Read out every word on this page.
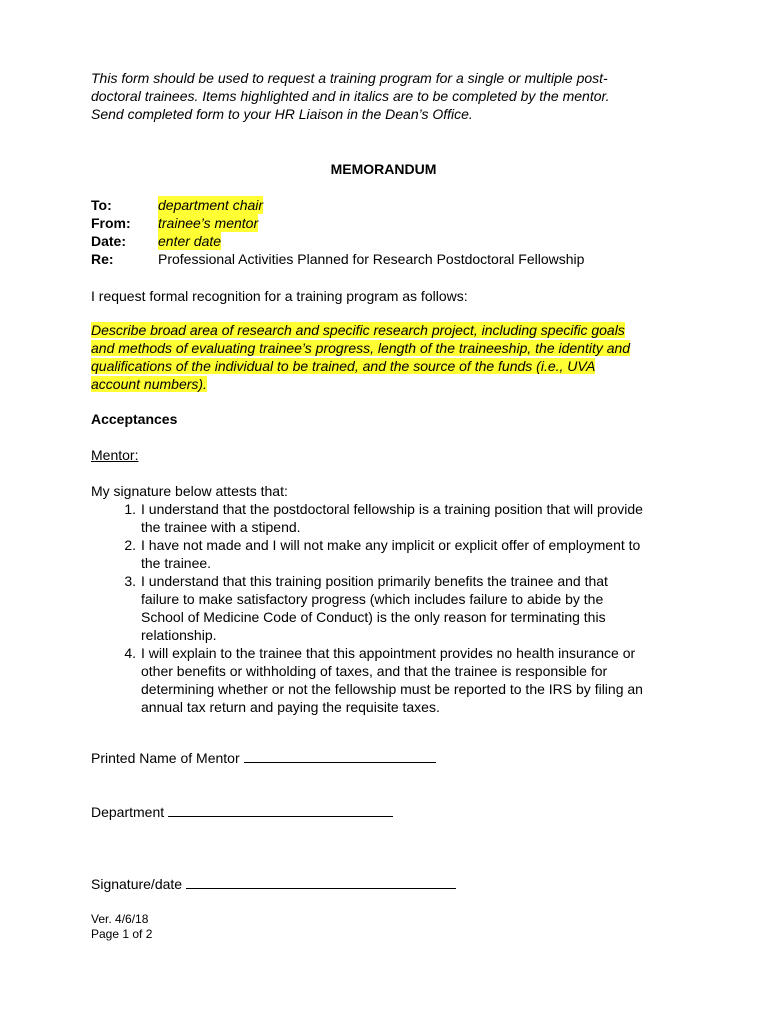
This form should be used to request a training program for a single or multiple post-
doctoral trainees. Items highlighted and in italics are to be completed by the mentor.
Send completed form to your HR Liaison in the Dean’s Office.

MEMORANDUM

To:	department chair
From:	trainee’s mentor
Date:	enter date
Re:	Professional Activities Planned for Research Postdoctoral Fellowship

I request formal recognition for a training program as follows:

Describe broad area of research and specific research project, including specific goals
and methods of evaluating trainee’s progress, length of the traineeship, the identity and
qualifications of the individual to be trained, and the source of the funds (i.e., UVA
account numbers).

Acceptances

Mentor:

My signature below attests that:

1. I understand that the postdoctoral fellowship is a training position that will provide
the trainee with a stipend.
2. I have not made and I will not make any implicit or explicit offer of employment to
the trainee.
3. I understand that this training position primarily benefits the trainee and that
failure to make satisfactory progress (which includes failure to abide by the
School of Medicine Code of Conduct) is the only reason for terminating this
relationship.
4. I will explain to the trainee that this appointment provides no health insurance or
other benefits or withholding of taxes, and that the trainee is responsible for
determining whether or not the fellowship must be reported to the IRS by filing an
annual tax return and paying the requisite taxes.

Printed Name of Mentor

Department

Signature/date

Ver. 4/6/18
Page 1 of 2
